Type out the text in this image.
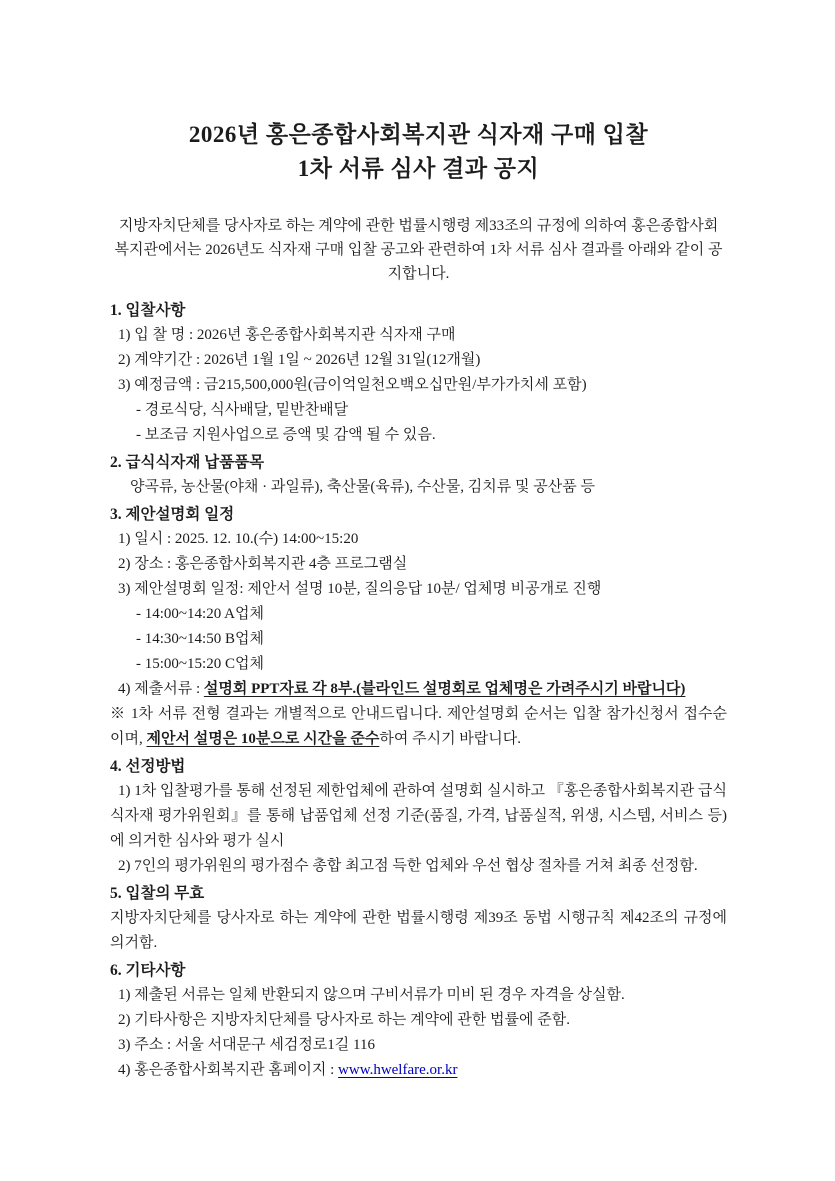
2026년 홍은종합사회복지관 식자재 구매 입찰
1차 서류 심사 결과 공지

지방자치단체를 당사자로 하는 계약에 관한 법률시행령 제33조의 규정에 의하여 홍은종합사회복지관에서는 2026년도 식자재 구매 입찰 공고와 관련하여 1차 서류 심사 결과를 아래와 같이 공지합니다.

1. 입찰사항

1) 입 찰 명 : 2026년 홍은종합사회복지관 식자재 구매

2) 계약기간 : 2026년 1월 1일 ~ 2026년 12월 31일(12개월)

3) 예정금액 : 금215,500,000원(금이억일천오백오십만원/부가가치세 포함)

- 경로식당, 식사배달, 밑반찬배달

- 보조금 지원사업으로 증액 및 감액 될 수 있음.

2. 급식식자재 납품품목

양곡류, 농산물(야채 · 과일류), 축산물(육류), 수산물, 김치류 및 공산품 등

3. 제안설명회 일정

1) 일시 : 2025. 12. 10.(수) 14:00~15:20

2) 장소 : 홍은종합사회복지관 4층 프로그램실

3) 제안설명회 일정: 제안서 설명 10분, 질의응답 10분/ 업체명 비공개로 진행

- 14:00~14:20 A업체

- 14:30~14:50 B업체

- 15:00~15:20 C업체

4) 제출서류 : 설명회 PPT자료 각 8부.(블라인드 설명회로 업체명은 가려주시기 바랍니다)

※ 1차 서류 전형 결과는 개별적으로 안내드립니다. 제안설명회 순서는 입찰 참가신청서 접수순이며, 제안서 설명은 10분으로 시간을 준수하여 주시기 바랍니다.

4. 선정방법

1) 1차 입찰평가를 통해 선정된 제한업체에 관하여 설명회 실시하고 『홍은종합사회복지관 급식식자재 평가위원회』를 통해 납품업체 선정 기준(품질, 가격, 납품실적, 위생, 시스템, 서비스 등)에 의거한 심사와 평가 실시

2) 7인의 평가위원의 평가점수 총합 최고점 득한 업체와 우선 협상 절차를 거쳐 최종 선정함.

5. 입찰의 무효

지방자치단체를 당사자로 하는 계약에 관한 법률시행령 제39조 동법 시행규칙 제42조의 규정에 의거함.

6. 기타사항

1) 제출된 서류는 일체 반환되지 않으며 구비서류가 미비 된 경우 자격을 상실함.

2) 기타사항은 지방자치단체를 당사자로 하는 계약에 관한 법률에 준함.

3) 주소 : 서울 서대문구 세검정로1길 116

4) 홍은종합사회복지관 홈페이지 : www.hwelfare.or.kr
